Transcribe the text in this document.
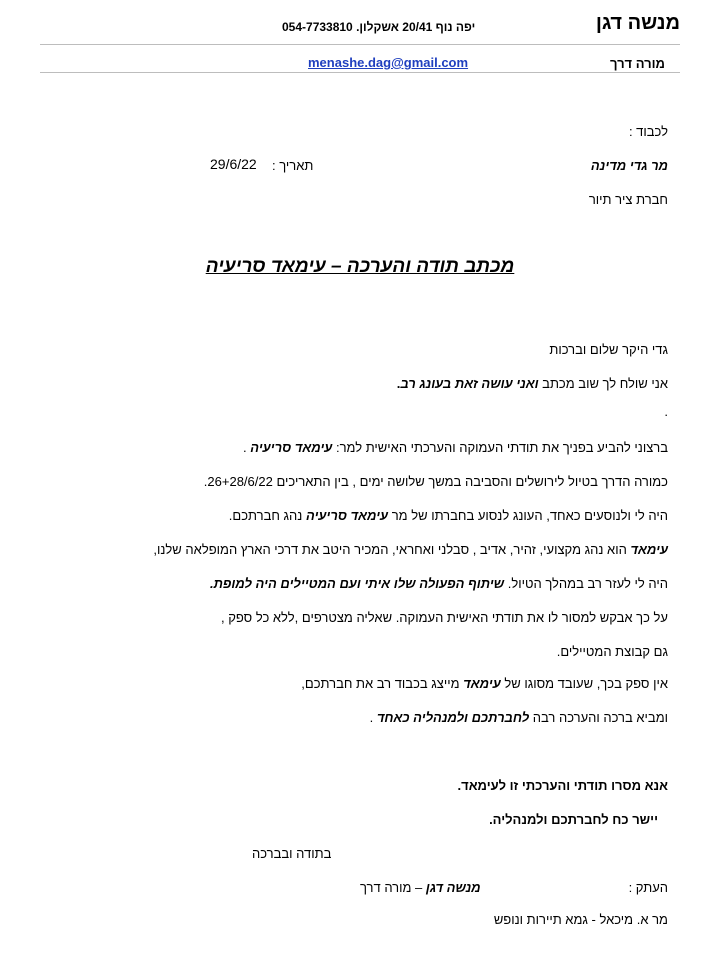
מנשה דגן
יפה נוף 20/41 אשקלון. 054-7733810
מורה דרך
menashe.dag@gmail.com
לכבוד :
מר גדי מדינה
תאריך :
29/6/22
חברת ציר תיור
מכתב תודה והערכה – עימאד סריעיה
גדי היקר שלום וברכות
אני שולח לך שוב מכתב ואני עושה זאת בעונג רב.
.
ברצוני להביע בפניך את תודתי העמוקה והערכתי האישית למר: עימאד סריעיה .
כמורה הדרך בטיול לירושלים והסביבה במשך שלושה ימים , בין התאריכים 26+28/6/22.
היה לי ולנוסעים כאחד, העונג לנסוע בחברתו של מר עימאד סריעיה נהג חברתכם.
עימאד הוא נהג מקצועי, זהיר, אדיב , סבלני ואחראי, המכיר היטב את דרכי הארץ המופלאה שלנו,
היה לי לעזר רב במהלך הטיול. שיתוף הפעולה שלו איתי ועם המטיילים היה למופת.
על כך אבקש למסור לו את תודתי האישית העמוקה. שאליה מצטרפים ,ללא כל ספק ,
גם קבוצת המטיילים.
אין ספק בכך, שעובד מסוגו של עימאד מייצג בכבוד רב את חברתכם,
ומביא ברכה והערכה רבה לחברתכם ולמנהליה כאחד .
אנא מסרו תודתי והערכתי זו לעימאד.
יישר כח לחברתכם ולמנהליה.
בתודה ובברכה
העתק :
מנשה דגן – מורה דרך
מר א. מיכאל - גמא תיירות ונופש
